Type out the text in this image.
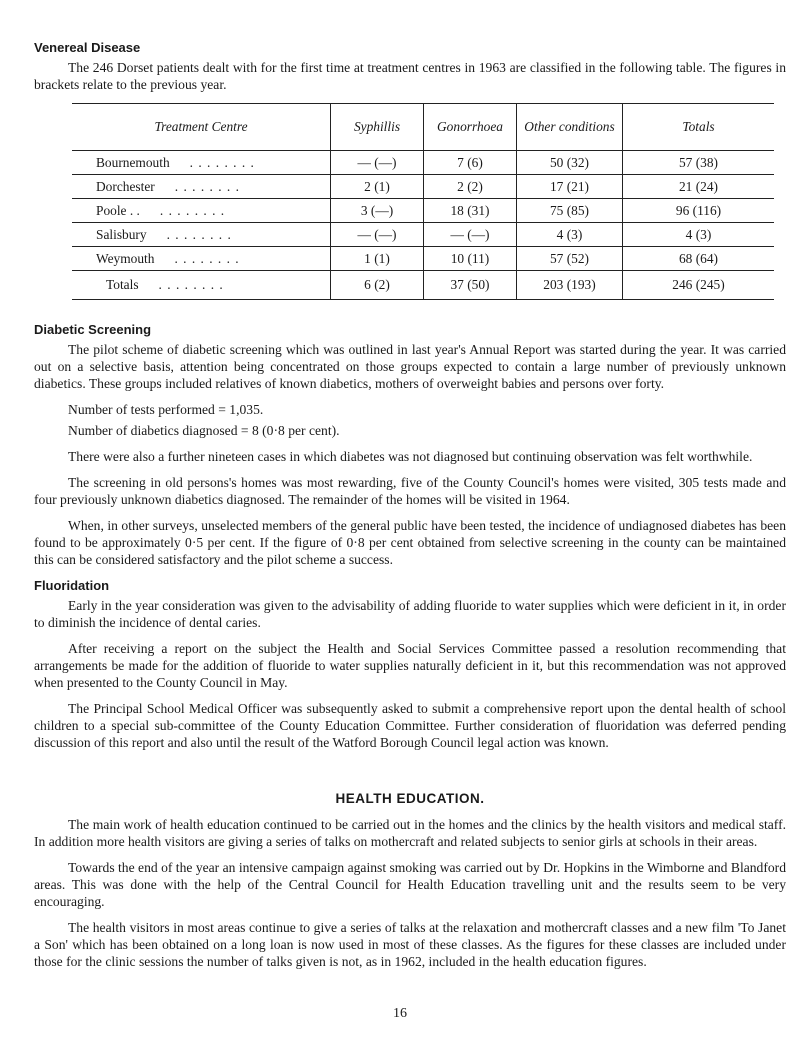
Venereal Disease

The 246 Dorset patients dealt with for the first time at treatment centres in 1963 are classified in the following table. The figures in brackets relate to the previous year.

Treatment Centre	Syphillis	Gonorrhoea	Other conditions	Totals
Bournemouth . . . . . . . .	— (—)	7 (6)	50 (32)	57 (38)
Dorchester . . . . . . . .	2 (1)	2 (2)	17 (21)	21 (24)
Poole . . . . . . . . . .	3 (—)	18 (31)	75 (85)	96 (116)
Salisbury . . . . . . . .	— (—)	— (—)	4 (3)	4 (3)
Weymouth . . . . . . . .	1 (1)	10 (11)	57 (52)	68 (64)
Totals . . . . . . . .	6 (2)	37 (50)	203 (193)	246 (245)
Diabetic Screening

The pilot scheme of diabetic screening which was outlined in last year's Annual Report was started during the year. It was carried out on a selective basis, attention being concentrated on those groups expected to contain a large number of previously unknown diabetics. These groups included relatives of known diabetics, mothers of overweight babies and persons over forty.

Number of tests performed = 1,035.

Number of diabetics diagnosed = 8 (0·8 per cent).

There were also a further nineteen cases in which diabetes was not diagnosed but continuing observation was felt worthwhile.

The screening in old persons's homes was most rewarding, five of the County Council's homes were visited, 305 tests made and four previously unknown diabetics diagnosed. The remainder of the homes will be visited in 1964.

When, in other surveys, unselected members of the general public have been tested, the incidence of undiagnosed diabetes has been found to be approximately 0·5 per cent. If the figure of 0·8 per cent obtained from selective screening in the county can be maintained this can be considered satisfactory and the pilot scheme a success.

Fluoridation

Early in the year consideration was given to the advisability of adding fluoride to water supplies which were deficient in it, in order to diminish the incidence of dental caries.

After receiving a report on the subject the Health and Social Services Committee passed a resolution recommending that arrangements be made for the addition of fluoride to water supplies naturally deficient in it, but this recommendation was not approved when presented to the County Council in May.

The Principal School Medical Officer was subsequently asked to submit a comprehensive report upon the dental health of school children to a special sub-committee of the County Education Committee. Further consideration of fluoridation was deferred pending discussion of this report and also until the result of the Watford Borough Council legal action was known.

HEALTH EDUCATION.

The main work of health education continued to be carried out in the homes and the clinics by the health visitors and medical staff. In addition more health visitors are giving a series of talks on mothercraft and related subjects to senior girls at schools in their areas.

Towards the end of the year an intensive campaign against smoking was carried out by Dr. Hopkins in the Wimborne and Blandford areas. This was done with the help of the Central Council for Health Education travelling unit and the results seem to be very encouraging.

The health visitors in most areas continue to give a series of talks at the relaxation and mothercraft classes and a new film 'To Janet a Son' which has been obtained on a long loan is now used in most of these classes. As the figures for these classes are included under those for the clinic sessions the number of talks given is not, as in 1962, included in the health education figures.

16
